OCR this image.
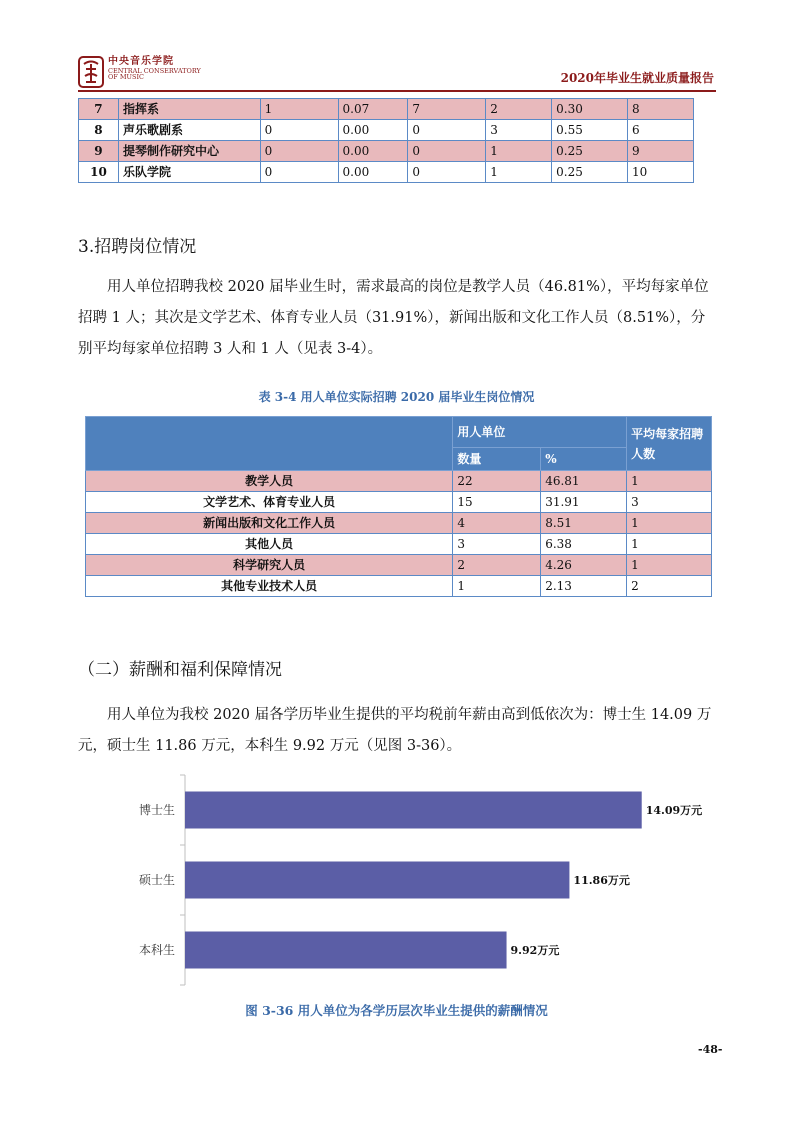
中央音乐学院
CENTRAL CONSERVATORY
OF MUSIC	2020年毕业生就业质量报告
7	指挥系	1	0.07	7	2	0.30	8
8	声乐歌剧系	0	0.00	0	3	0.55	6
9	提琴制作研究中心	0	0.00	0	1	0.25	9
10	乐队学院	0	0.00	0	1	0.25	10
3.招聘岗位情况
用人单位招聘我校 2020 届毕业生时，需求最高的岗位是教学人员（46.81%），平均每家单位招聘 1 人；其次是文学艺术、体育专业人员（31.91%），新闻出版和文化工作人员（8.51%），分别平均每家单位招聘 3 人和 1 人（见表 3-4）。
表 3-4 用人单位实际招聘 2020 届毕业生岗位情况
	用人单位		平均每家招聘人数
	数量	%	
教学人员	22	46.81	1
文学艺术、体育专业人员	15	31.91	3
新闻出版和文化工作人员	4	8.51	1
其他人员	3	6.38	1
科学研究人员	2	4.26	1
其他专业技术人员	1	2.13	2
（二）薪酬和福利保障情况
用人单位为我校 2020 届各学历毕业生提供的平均税前年薪由高到低依次为：博士生 14.09 万元，硕士生 11.86 万元，本科生 9.92 万元（见图 3-36）。
博士生	14.09万元
硕士生	11.86万元
本科生	9.92万元
图 3-36 用人单位为各学历层次毕业生提供的薪酬情况
-48-
